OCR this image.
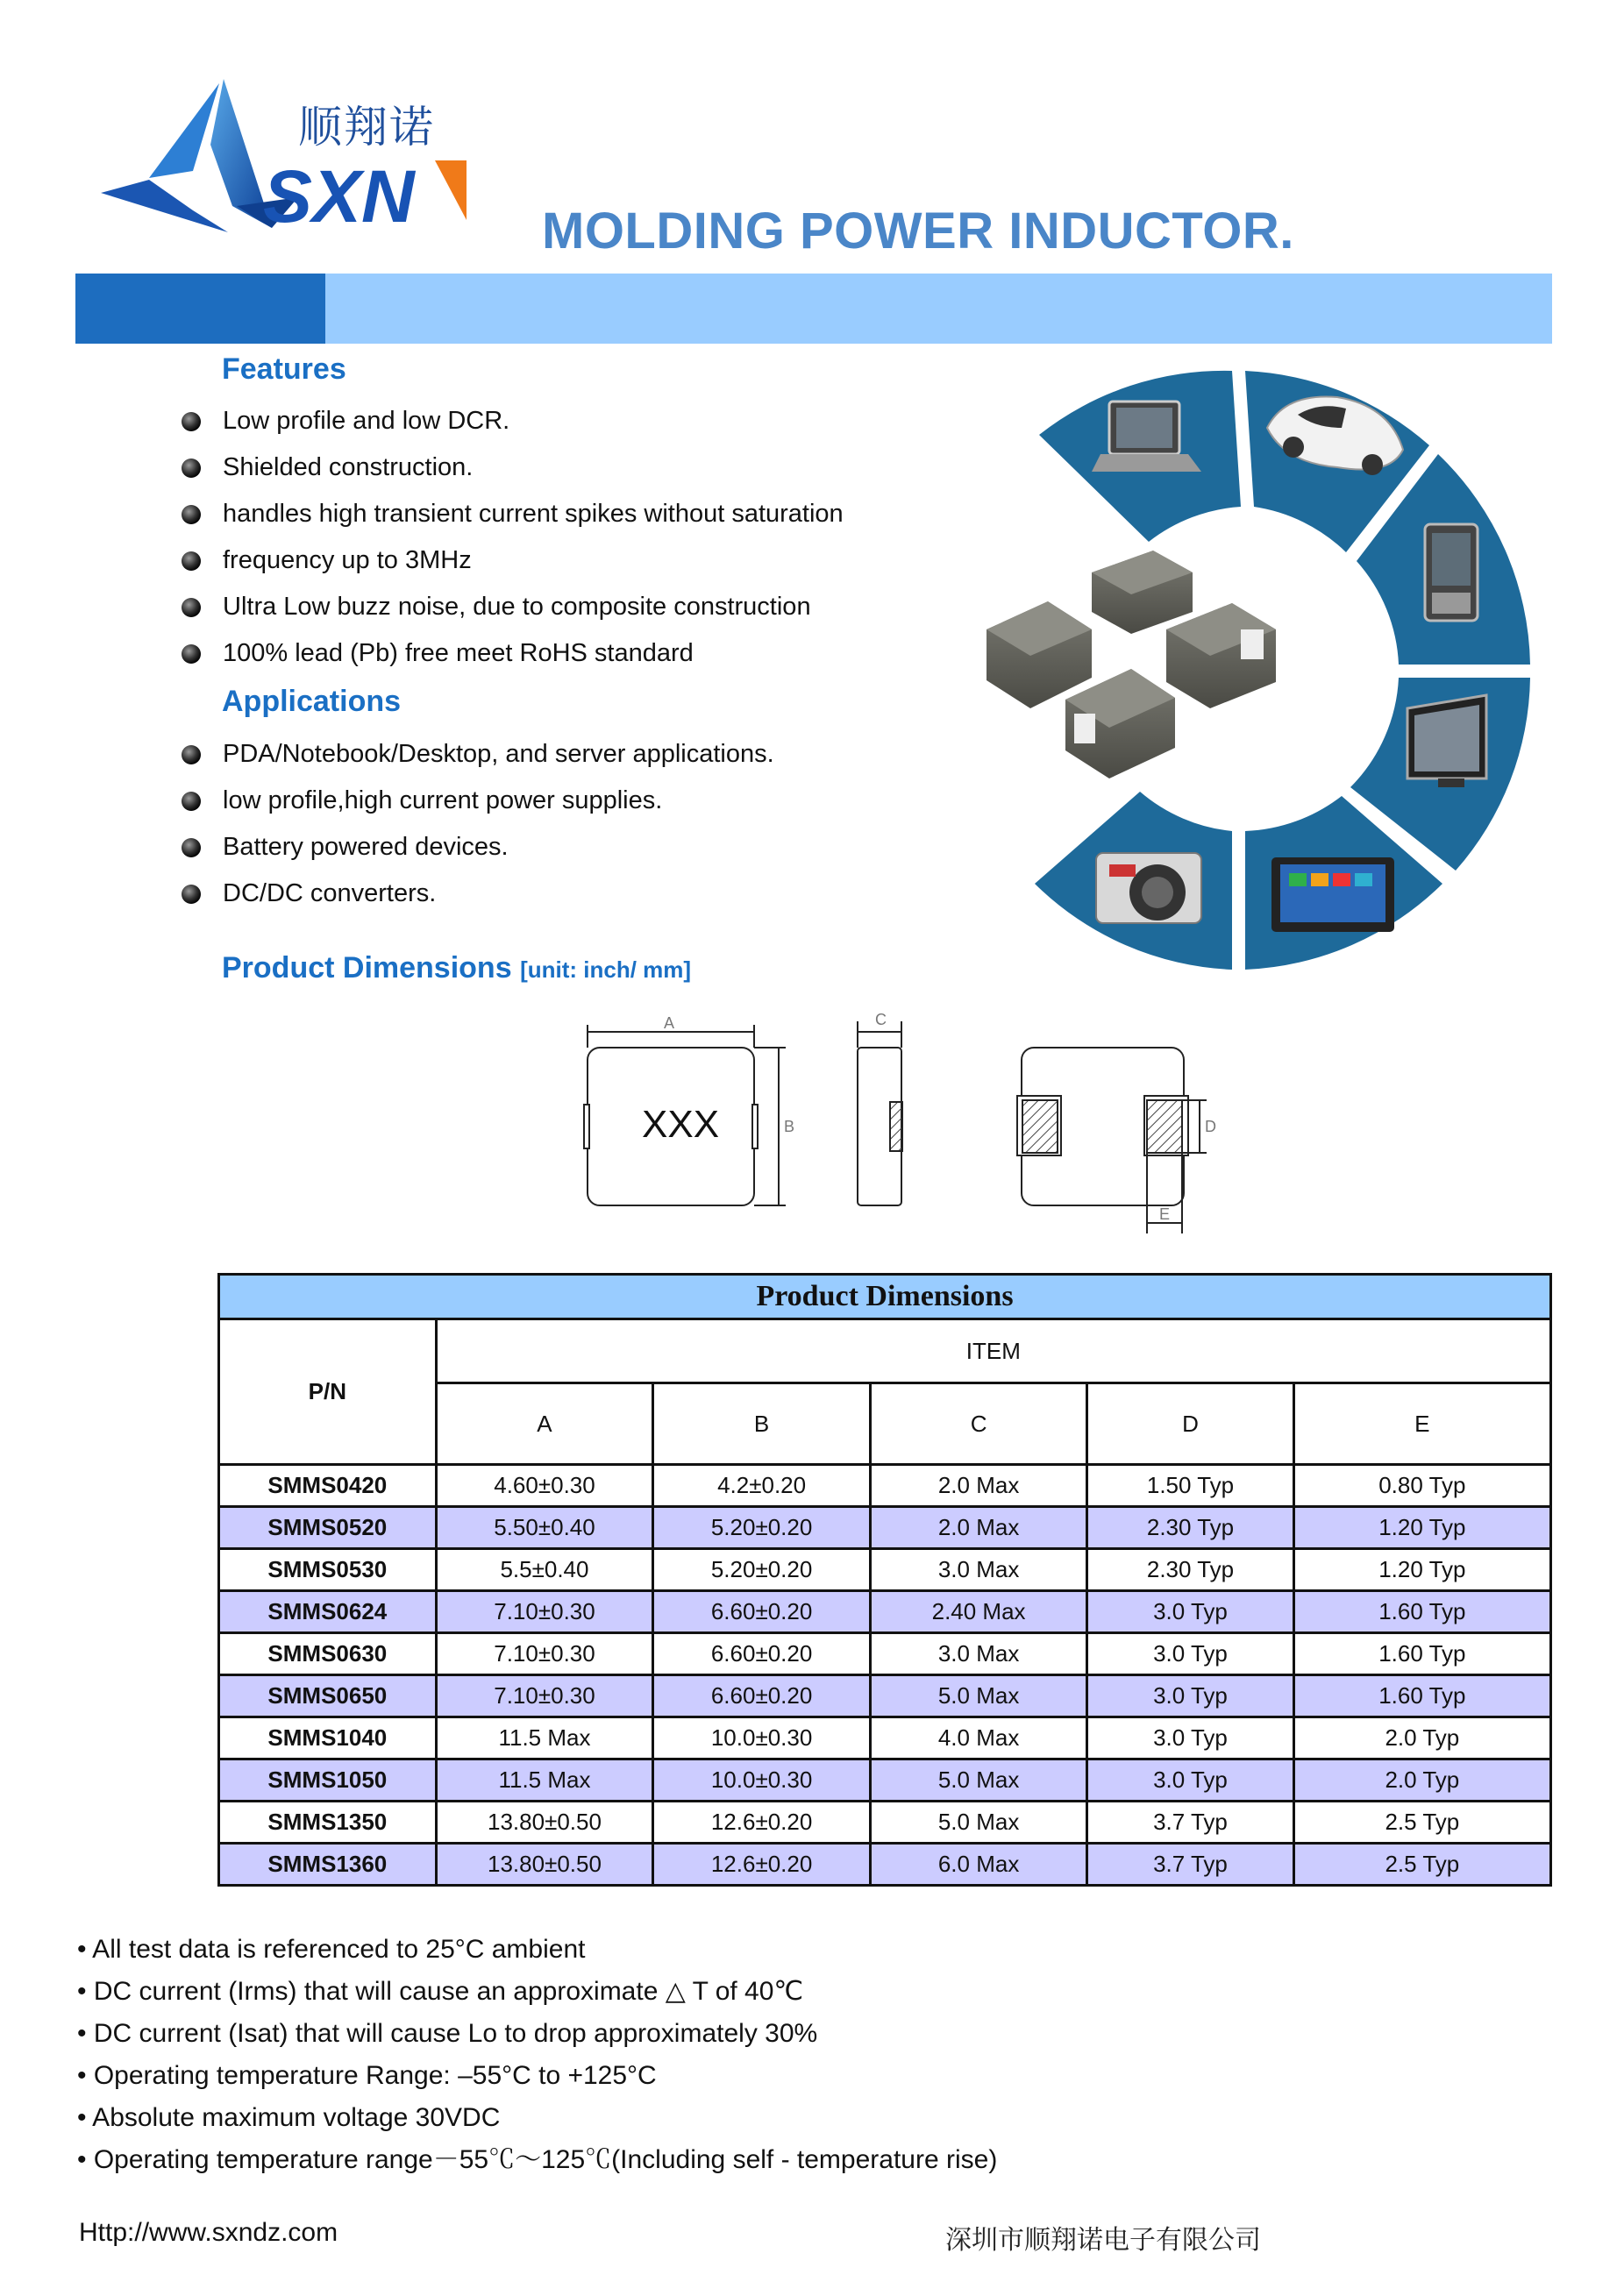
SXN
顺翔诺
MOLDING POWER INDUCTOR.
Features
Low profile and low DCR.
Shielded construction.
handles high transient current spikes without saturation
frequency up to 3MHz
Ultra Low buzz noise, due to composite construction
100% lead (Pb) free meet RoHS standard
Applications
PDA/Notebook/Desktop, and server applications.
low profile,high current power supplies.
Battery powered devices.
DC/DC converters.
Product Dimensions [unit: inch/ mm]
XXX
A
B
C
D
E
Product Dimensions					
P/N	ITEM				
	A	B	C	D	E
SMMS0420	4.60±0.30	4.2±0.20	2.0 Max	1.50 Typ	0.80 Typ
SMMS0520	5.50±0.40	5.20±0.20	2.0 Max	2.30 Typ	1.20 Typ
SMMS0530	5.5±0.40	5.20±0.20	3.0 Max	2.30 Typ	1.20 Typ
SMMS0624	7.10±0.30	6.60±0.20	2.40 Max	3.0 Typ	1.60 Typ
SMMS0630	7.10±0.30	6.60±0.20	3.0 Max	3.0 Typ	1.60 Typ
SMMS0650	7.10±0.30	6.60±0.20	5.0 Max	3.0 Typ	1.60 Typ
SMMS1040	11.5 Max	10.0±0.30	4.0 Max	3.0 Typ	2.0 Typ
SMMS1050	11.5 Max	10.0±0.30	5.0 Max	3.0 Typ	2.0 Typ
SMMS1350	13.80±0.50	12.6±0.20	5.0 Max	3.7 Typ	2.5 Typ
SMMS1360	13.80±0.50	12.6±0.20	6.0 Max	3.7 Typ	2.5 Typ
• All test data is referenced to 25°C ambient
• DC current (Irms) that will cause an approximate △ T of 40℃
• DC current (Isat) that will cause Lo to drop approximately 30%
• Operating temperature Range: –55°C to +125°C
• Absolute maximum voltage 30VDC
• Operating temperature range－55℃～125℃(Including self - temperature rise)
Http://www.sxndz.com	深圳市顺翔诺电子有限公司
